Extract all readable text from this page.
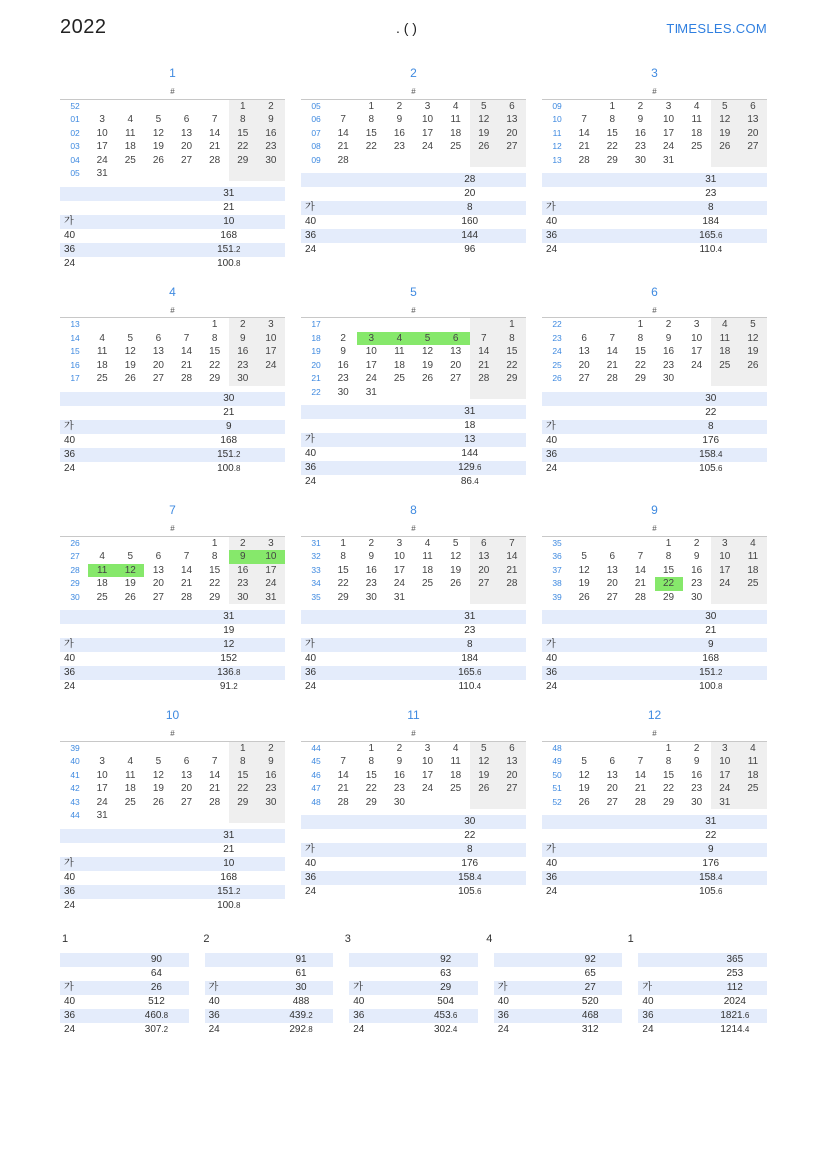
2022	. ( )	TIMESLES.COM
1
#							
52						1	2
01	3	4	5	6	7	8	9
02	10	11	12	13	14	15	16
03	17	18	19	20	21	22	23
04	24	25	26	27	28	29	30
05	31						
	31
	21
가	10
40	168
36	151.2
24	100.8
2
#							
05		1	2	3	4	5	6
06	7	8	9	10	11	12	13
07	14	15	16	17	18	19	20
08	21	22	23	24	25	26	27
09	28						
	28
	20
가	8
40	160
36	144
24	96
3
#							
09		1	2	3	4	5	6
10	7	8	9	10	11	12	13
11	14	15	16	17	18	19	20
12	21	22	23	24	25	26	27
13	28	29	30	31			
	31
	23
가	8
40	184
36	165.6
24	110.4
4
#							
13					1	2	3
14	4	5	6	7	8	9	10
15	11	12	13	14	15	16	17
16	18	19	20	21	22	23	24
17	25	26	27	28	29	30	
	30
	21
가	9
40	168
36	151.2
24	100.8
5
#							
17							1
18	2	3	4	5	6	7	8
19	9	10	11	12	13	14	15
20	16	17	18	19	20	21	22
21	23	24	25	26	27	28	29
22	30	31					
	31
	18
가	13
40	144
36	129.6
24	86.4
6
#							
22			1	2	3	4	5
23	6	7	8	9	10	11	12
24	13	14	15	16	17	18	19
25	20	21	22	23	24	25	26
26	27	28	29	30			
	30
	22
가	8
40	176
36	158.4
24	105.6
7
#							
26					1	2	3
27	4	5	6	7	8	9	10
28	11	12	13	14	15	16	17
29	18	19	20	21	22	23	24
30	25	26	27	28	29	30	31
	31
	19
가	12
40	152
36	136.8
24	91.2
8
#							
31	1	2	3	4	5	6	7
32	8	9	10	11	12	13	14
33	15	16	17	18	19	20	21
34	22	23	24	25	26	27	28
35	29	30	31				
	31
	23
가	8
40	184
36	165.6
24	110.4
9
#							
35				1	2	3	4
36	5	6	7	8	9	10	11
37	12	13	14	15	16	17	18
38	19	20	21	22	23	24	25
39	26	27	28	29	30		
	30
	21
가	9
40	168
36	151.2
24	100.8
10
#							
39						1	2
40	3	4	5	6	7	8	9
41	10	11	12	13	14	15	16
42	17	18	19	20	21	22	23
43	24	25	26	27	28	29	30
44	31						
	31
	21
가	10
40	168
36	151.2
24	100.8
11
#							
44		1	2	3	4	5	6
45	7	8	9	10	11	12	13
46	14	15	16	17	18	19	20
47	21	22	23	24	25	26	27
48	28	29	30				
	30
	22
가	8
40	176
36	158.4
24	105.6
12
#							
48				1	2	3	4
49	5	6	7	8	9	10	11
50	12	13	14	15	16	17	18
51	19	20	21	22	23	24	25
52	26	27	28	29	30	31	
	31
	22
가	9
40	176
36	158.4
24	105.6
1	2	3	4	1
	90
	64
가	26
40	512
36	460.8
24	307.2
	91
	61
가	30
40	488
36	439.2
24	292.8
	92
	63
가	29
40	504
36	453.6
24	302.4
	92
	65
가	27
40	520
36	468
24	312
	365
	253
가	112
40	2024
36	1821.6
24	1214.4
